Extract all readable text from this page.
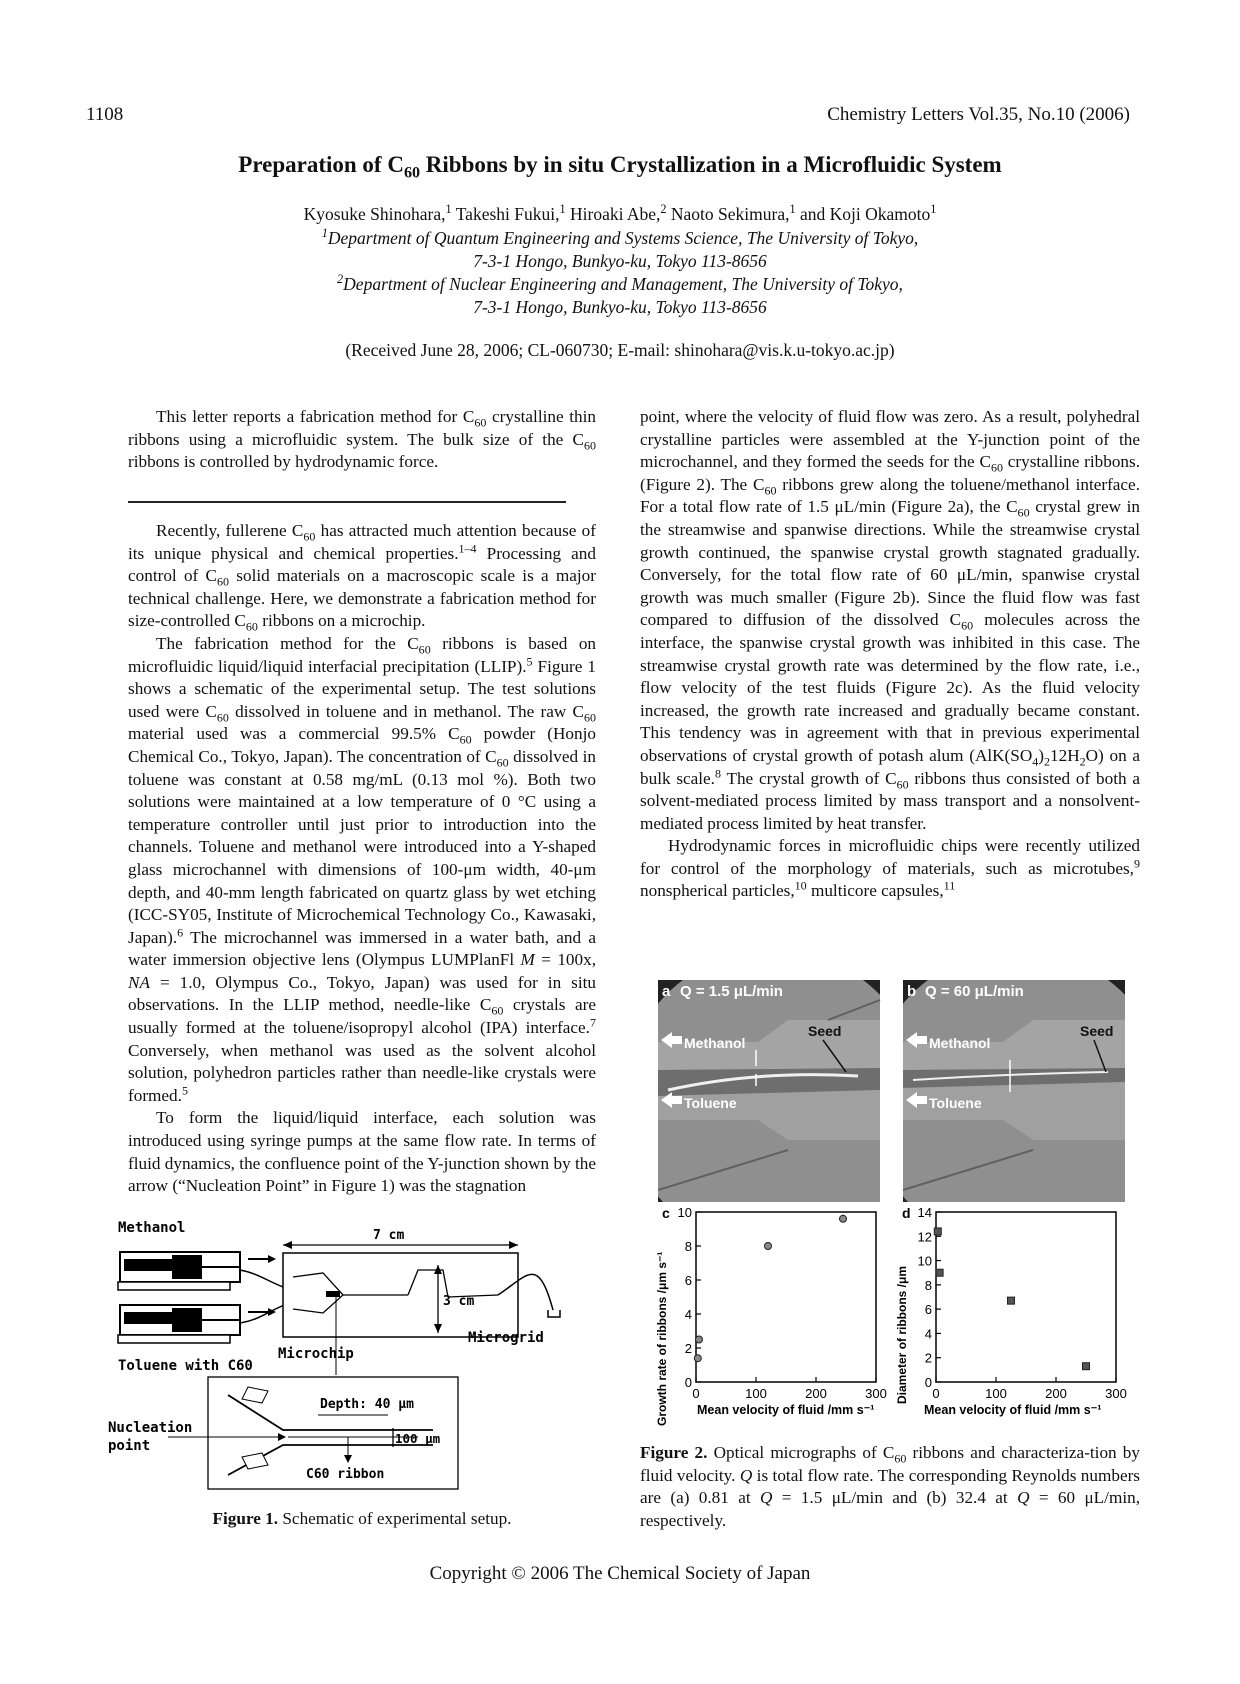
1108	Chemistry Letters Vol.35, No.10 (2006)
Preparation of $C_{60}$ Ribbons by in situ Crystallization in a Microfluidic System
Kyosuke Shinohara,$^1$ Takeshi Fukui,$^1$ Hiroaki Abe,$^2$ Naoto Sekimura,$^1$ and Koji Okamoto$^1$
$^1$Department of Quantum Engineering and Systems Science, The University of Tokyo,
7-3-1 Hongo, Bunkyo-ku, Tokyo 113-8656
$^2$Department of Nuclear Engineering and Management, The University of Tokyo,
7-3-1 Hongo, Bunkyo-ku, Tokyo 113-8656
(Received June 28, 2006; CL-060730; E-mail: shinohara@vis.k.u-tokyo.ac.jp)

This letter reports a fabrication method for $C_{60}$ crystalline thin ribbons using a microfluidic system. The bulk size of the $C_{60}$ ribbons is controlled by hydrodynamic force.

Recently, fullerene $C_{60}$ has attracted much attention because of its unique physical and chemical properties.$^{1-4}$ Processing and control of $C_{60}$ solid materials on a macroscopic scale is a major technical challenge. Here, we demonstrate a fabrication method for size-controlled $C_{60}$ ribbons on a microchip.

The fabrication method for the $C_{60}$ ribbons is based on microfluidic liquid/liquid interfacial precipitation (LLIP).$^5$ Figure 1 shows a schematic of the experimental setup. The test solutions used were $C_{60}$ dissolved in toluene and in methanol. The raw $C_{60}$ material used was a commercial 99.5% $C_{60}$ powder (Honjo Chemical Co., Tokyo, Japan). The concentration of $C_{60}$ dissolved in toluene was constant at 0.58 mg/mL (0.13 mol %). Both two solutions were maintained at a low temperature of 0 °C using a temperature controller until just prior to introduction into the channels. Toluene and methanol were introduced into a Y-shaped glass microchannel with dimensions of 100-μm width, 40-μm depth, and 40-mm length fabricated on quartz glass by wet etching (ICC-SY05, Institute of Microchemical Technology Co., Kawasaki, Japan).$^6$ The microchannel was immersed in a water bath, and a water immersion objective lens (Olympus LUMPlanFl M = 100x, NA = 1.0, Olympus Co., Tokyo, Japan) was used for in situ observations. In the LLIP method, needle-like $C_{60}$ crystals are usually formed at the toluene/isopropyl alcohol (IPA) interface.$^7$ Conversely, when methanol was used as the solvent alcohol solution, polyhedron particles rather than needle-like crystals were formed.$^5$

To form the liquid/liquid interface, each solution was introduced using syringe pumps at the same flow rate. In terms of fluid dynamics, the confluence point of the Y-junction shown by the arrow (“Nucleation Point” in Figure 1) was the stagnation

point, where the velocity of fluid flow was zero. As a result, polyhedral crystalline particles were assembled at the Y-junction point of the microchannel, and they formed the seeds for the $C_{60}$ crystalline ribbons. (Figure 2). The $C_{60}$ ribbons grew along the toluene/methanol interface. For a total flow rate of 1.5 μL/min (Figure 2a), the $C_{60}$ crystal grew in the streamwise and spanwise directions. While the streamwise crystal growth continued, the spanwise crystal growth stagnated gradually. Conversely, for the total flow rate of 60 μL/min, spanwise crystal growth was much smaller (Figure 2b). Since the fluid flow was fast compared to diffusion of the dissolved $C_{60}$ molecules across the interface, the spanwise crystal growth was inhibited in this case. The streamwise crystal growth rate was determined by the flow rate, i.e., flow velocity of the test fluids (Figure 2c). As the fluid velocity increased, the growth rate increased and gradually became constant. This tendency was in agreement with that in previous experimental observations of crystal growth of potash alum $(AlK(SO_4)_212H_2O)$ on a bulk scale.$^8$ The crystal growth of $C_{60}$ ribbons thus consisted of both a solvent-mediated process limited by mass transport and a nonsolvent-mediated process limited by heat transfer.

Hydrodynamic forces in microfluidic chips were recently utilized for control of the morphology of materials, such as microtubes,$^9$ nonspherical particles,$^{10}$ multicore capsules,$^{11}$

Methanol
Toluene with C60
7 cm
3 cm
Microgrid
Microchip
Depth: 40 μm
100 μm
C60 ribbon
Nucleation
point
Figure 1. Schematic of experimental setup.
a Q = 1.5 μL/min
Methanol
Toluene
Seed
b Q = 60 μL/min
Methanol
Toluene
Seed
c
Growth rate of ribbons /μm s⁻¹ 0
2
4
6
8
10
0	100	200	300
Mean velocity of fluid /mm s⁻¹
d
Diameter of ribbons /μm 0
2
4
6
8
10
12
14
0	100	200	300
Mean velocity of fluid /mm s⁻¹
Figure 2. Optical micrographs of $C_{60}$ ribbons and characteriza-tion by fluid velocity. Q is total flow rate. The corresponding Reynolds numbers are (a) 0.81 at Q = 1.5 μL/min and (b) 32.4 at Q = 60 μL/min, respectively.
Copyright © 2006 The Chemical Society of Japan
